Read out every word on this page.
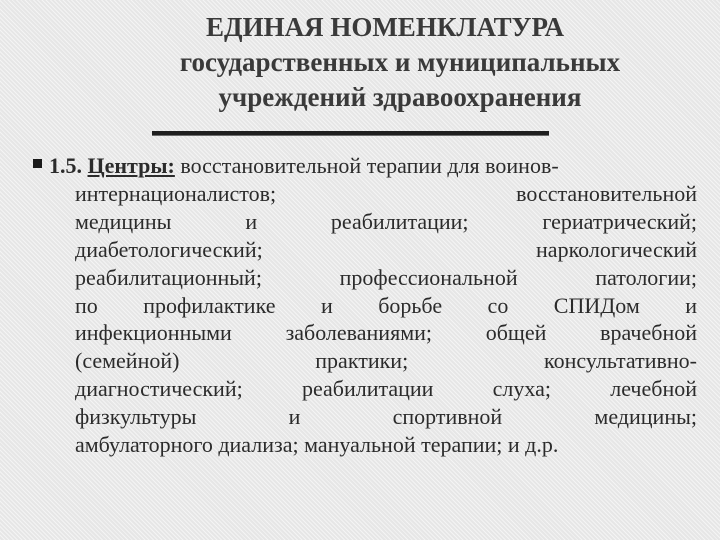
ЕДИНАЯ НОМЕНКЛАТУРА
государственных и муниципальных
учреждений здравоохранения
1.5. Центры: восстановительной терапии для воинов-
интернационалистов; восстановительной
медицины и реабилитации; гериатрический;
диабетологический; наркологический
реабилитационный; профессиональной патологии;
по профилактике и борьбе со СПИДом и
инфекционными заболеваниями; общей врачебной
(семейной) практики; консультативно-
диагностический; реабилитации слуха; лечебной
физкультуры и спортивной медицины;
амбулаторного диализа; мануальной терапии; и д.р.
